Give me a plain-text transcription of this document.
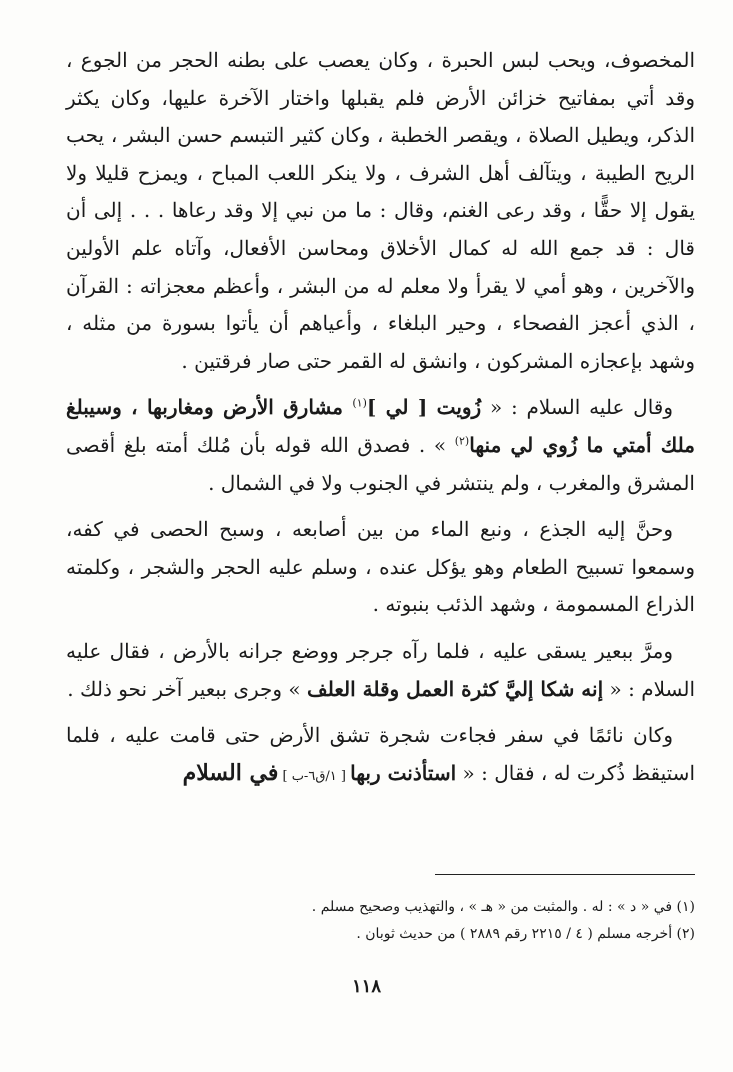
المخصوف، ويحب لبس الحبرة ، وكان يعصب على بطنه الحجر من الجوع ، وقد أتي بمفاتيح خزائن الأرض فلم يقبلها واختار الآخرة عليها، وكان يكثر الذكر، ويطيل الصلاة ، ويقصر الخطبة ، وكان كثير التبسم حسن البشر ، يحب الريح الطيبة ، ويتآلف أهل الشرف ، ولا ينكر اللعب المباح ، ويمزح قليلا ولا يقول إلا حقًّا ، وقد رعى الغنم، وقال : ما من نبي إلا وقد رعاها . . . إلى أن قال : قد جمع الله له كمال الأخلاق ومحاسن الأفعال، وآتاه علم الأولين والآخرين ، وهو أمي لا يقرأ ولا معلم له من البشر ، وأعظم معجزاته : القرآن ، الذي أعجز الفصحاء ، وحير البلغاء ، وأعياهم أن يأتوا بسورة من مثله ، وشهد بإعجازه المشركون ، وانشق له القمر حتى صار فرقتين .

وقال عليه السلام : « زُويت [ لي ]$^{(١)}$ مشارق الأرض ومغاربها ، وسيبلغ ملك أمتي ما زُوي لي منها$^{(٢)}$ » . فصدق الله قوله بأن مُلك أمته بلغ أقصى المشرق والمغرب ، ولم ينتشر في الجنوب ولا في الشمال .

وحنَّ إليه الجذع ، ونبع الماء من بين أصابعه ، وسبح الحصى في كفه، وسمعوا تسبيح الطعام وهو يؤكل عنده ، وسلم عليه الحجر والشجر ، وكلمته الذراع المسمومة ، وشهد الذئب بنبوته .

ومرَّ ببعير يسقى عليه ، فلما رآه جرجر ووضع جرانه بالأرض ، فقال عليه السلام : « إنه شكا إليَّ كثرة العمل وقلة العلف » وجرى ببعير آخر نحو ذلك .

وكان نائمًا في سفر فجاءت شجرة تشق الأرض حتى قامت عليه ، فلما استيقظ ذُكرت له ، فقال : « استأذنت ربها [ ١/ق٦-ب ] في السلام

(١) في « د » : له . والمثبت من « هـ » ، والتهذيب وصحيح مسلم .

(٢) أخرجه مسلم ( ٤ / ٢٢١٥ رقم ٢٨٨٩ ) من حديث ثوبان .

١١٨
